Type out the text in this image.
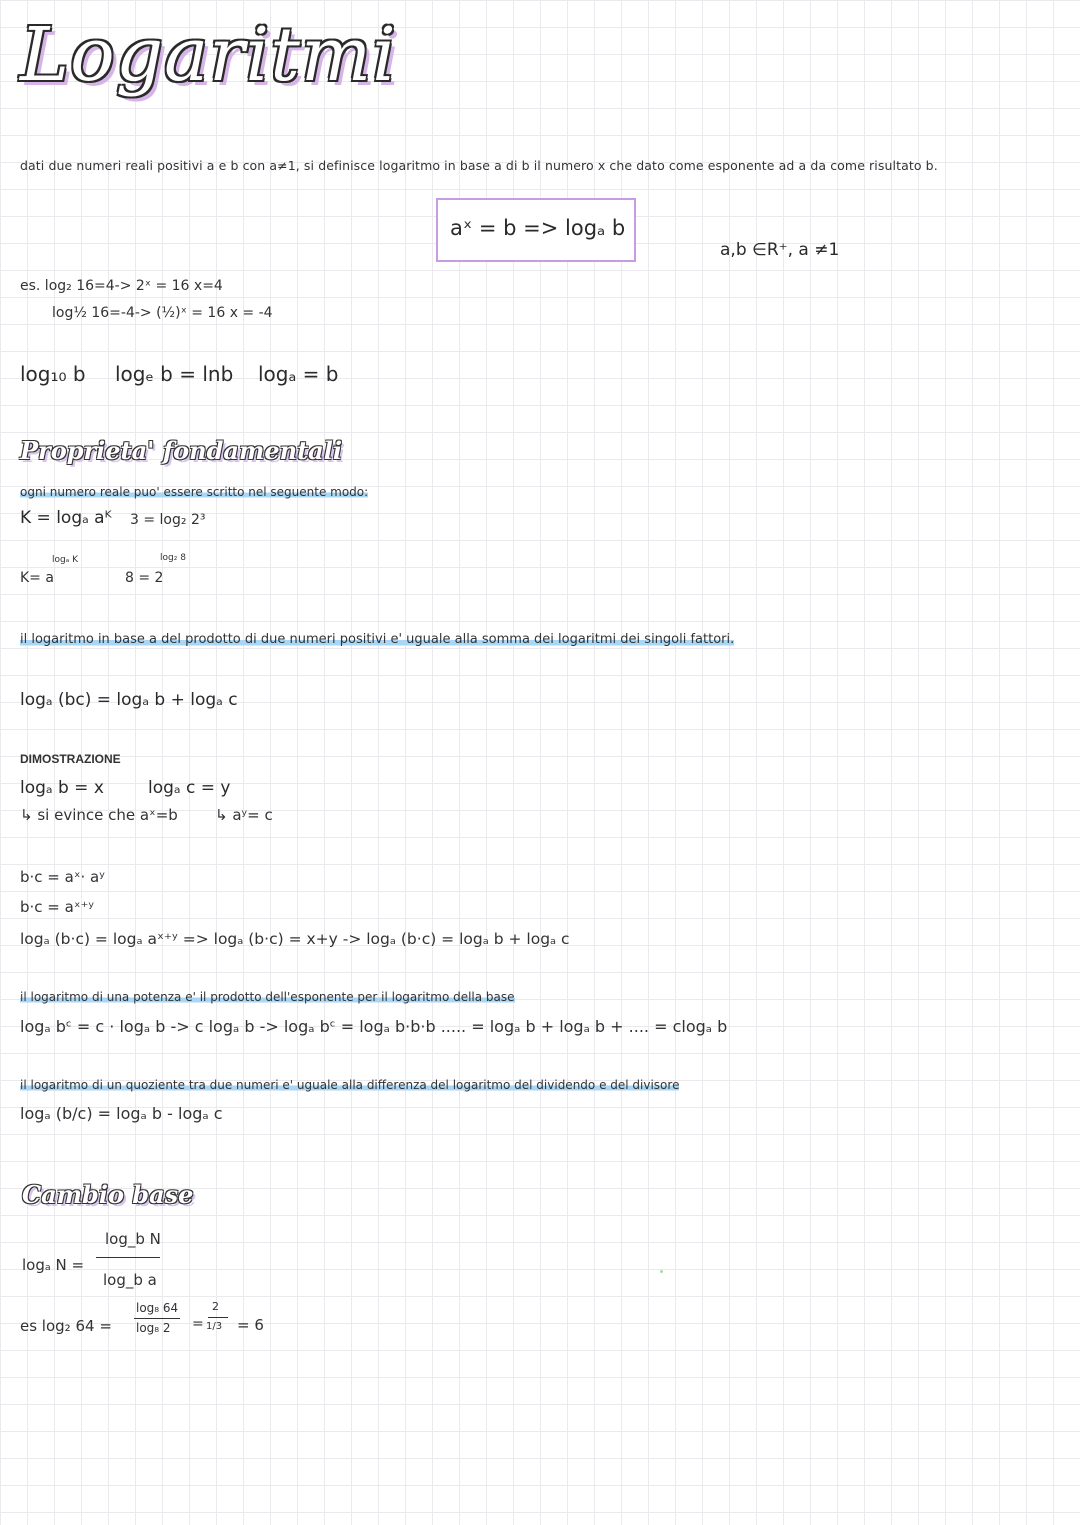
Logaritmi
dati due numeri reali positivi a e b con a≠1, si definisce logaritmo in base a di b il numero x che dato come esponente ad a da come risultato b.
aˣ = b => logₐ b
a,b ∈R⁺, a ≠1
es. log₂ 16=4-> 2ˣ = 16 x=4
log½ 16=-4-> (½)ˣ = 16 x = -4
log₁₀ b logₑ b = lnb logₐ = b
Proprieta' fondamentali
ogni numero reale puo' essere scritto nel seguente modo:
K = logₐ aᴷ 3 = log₂ 2³
K= a
logₐ K
8 = 2
log₂ 8
il logaritmo in base a del prodotto di due numeri positivi e' uguale alla somma dei logaritmi dei singoli fattori.
logₐ (bc) = logₐ b + logₐ c
DIMOSTRAZIONE
logₐ b = x	logₐ c = y
↳ si evince che aˣ=b ↳ aʸ= c
b·c = aˣ· aʸ
b·c = aˣ⁺ʸ
logₐ (b·c) = logₐ aˣ⁺ʸ => logₐ (b·c) = x+y -> logₐ (b·c) = logₐ b + logₐ c
il logaritmo di una potenza e' il prodotto dell'esponente per il logaritmo della base
logₐ bᶜ = c · logₐ b -> c logₐ b -> logₐ bᶜ = logₐ b·b·b ..... = logₐ b + logₐ b + .... = clogₐ b
il logaritmo di un quoziente tra due numeri e' uguale alla differenza del logaritmo del dividendo e del divisore
logₐ (b/c) = logₐ b - logₐ c
Cambio base
logₐ N =
log_b N
log_b a
es log₂ 64 =
log₈ 64
log₈ 2 =
2
1/3 = 6
